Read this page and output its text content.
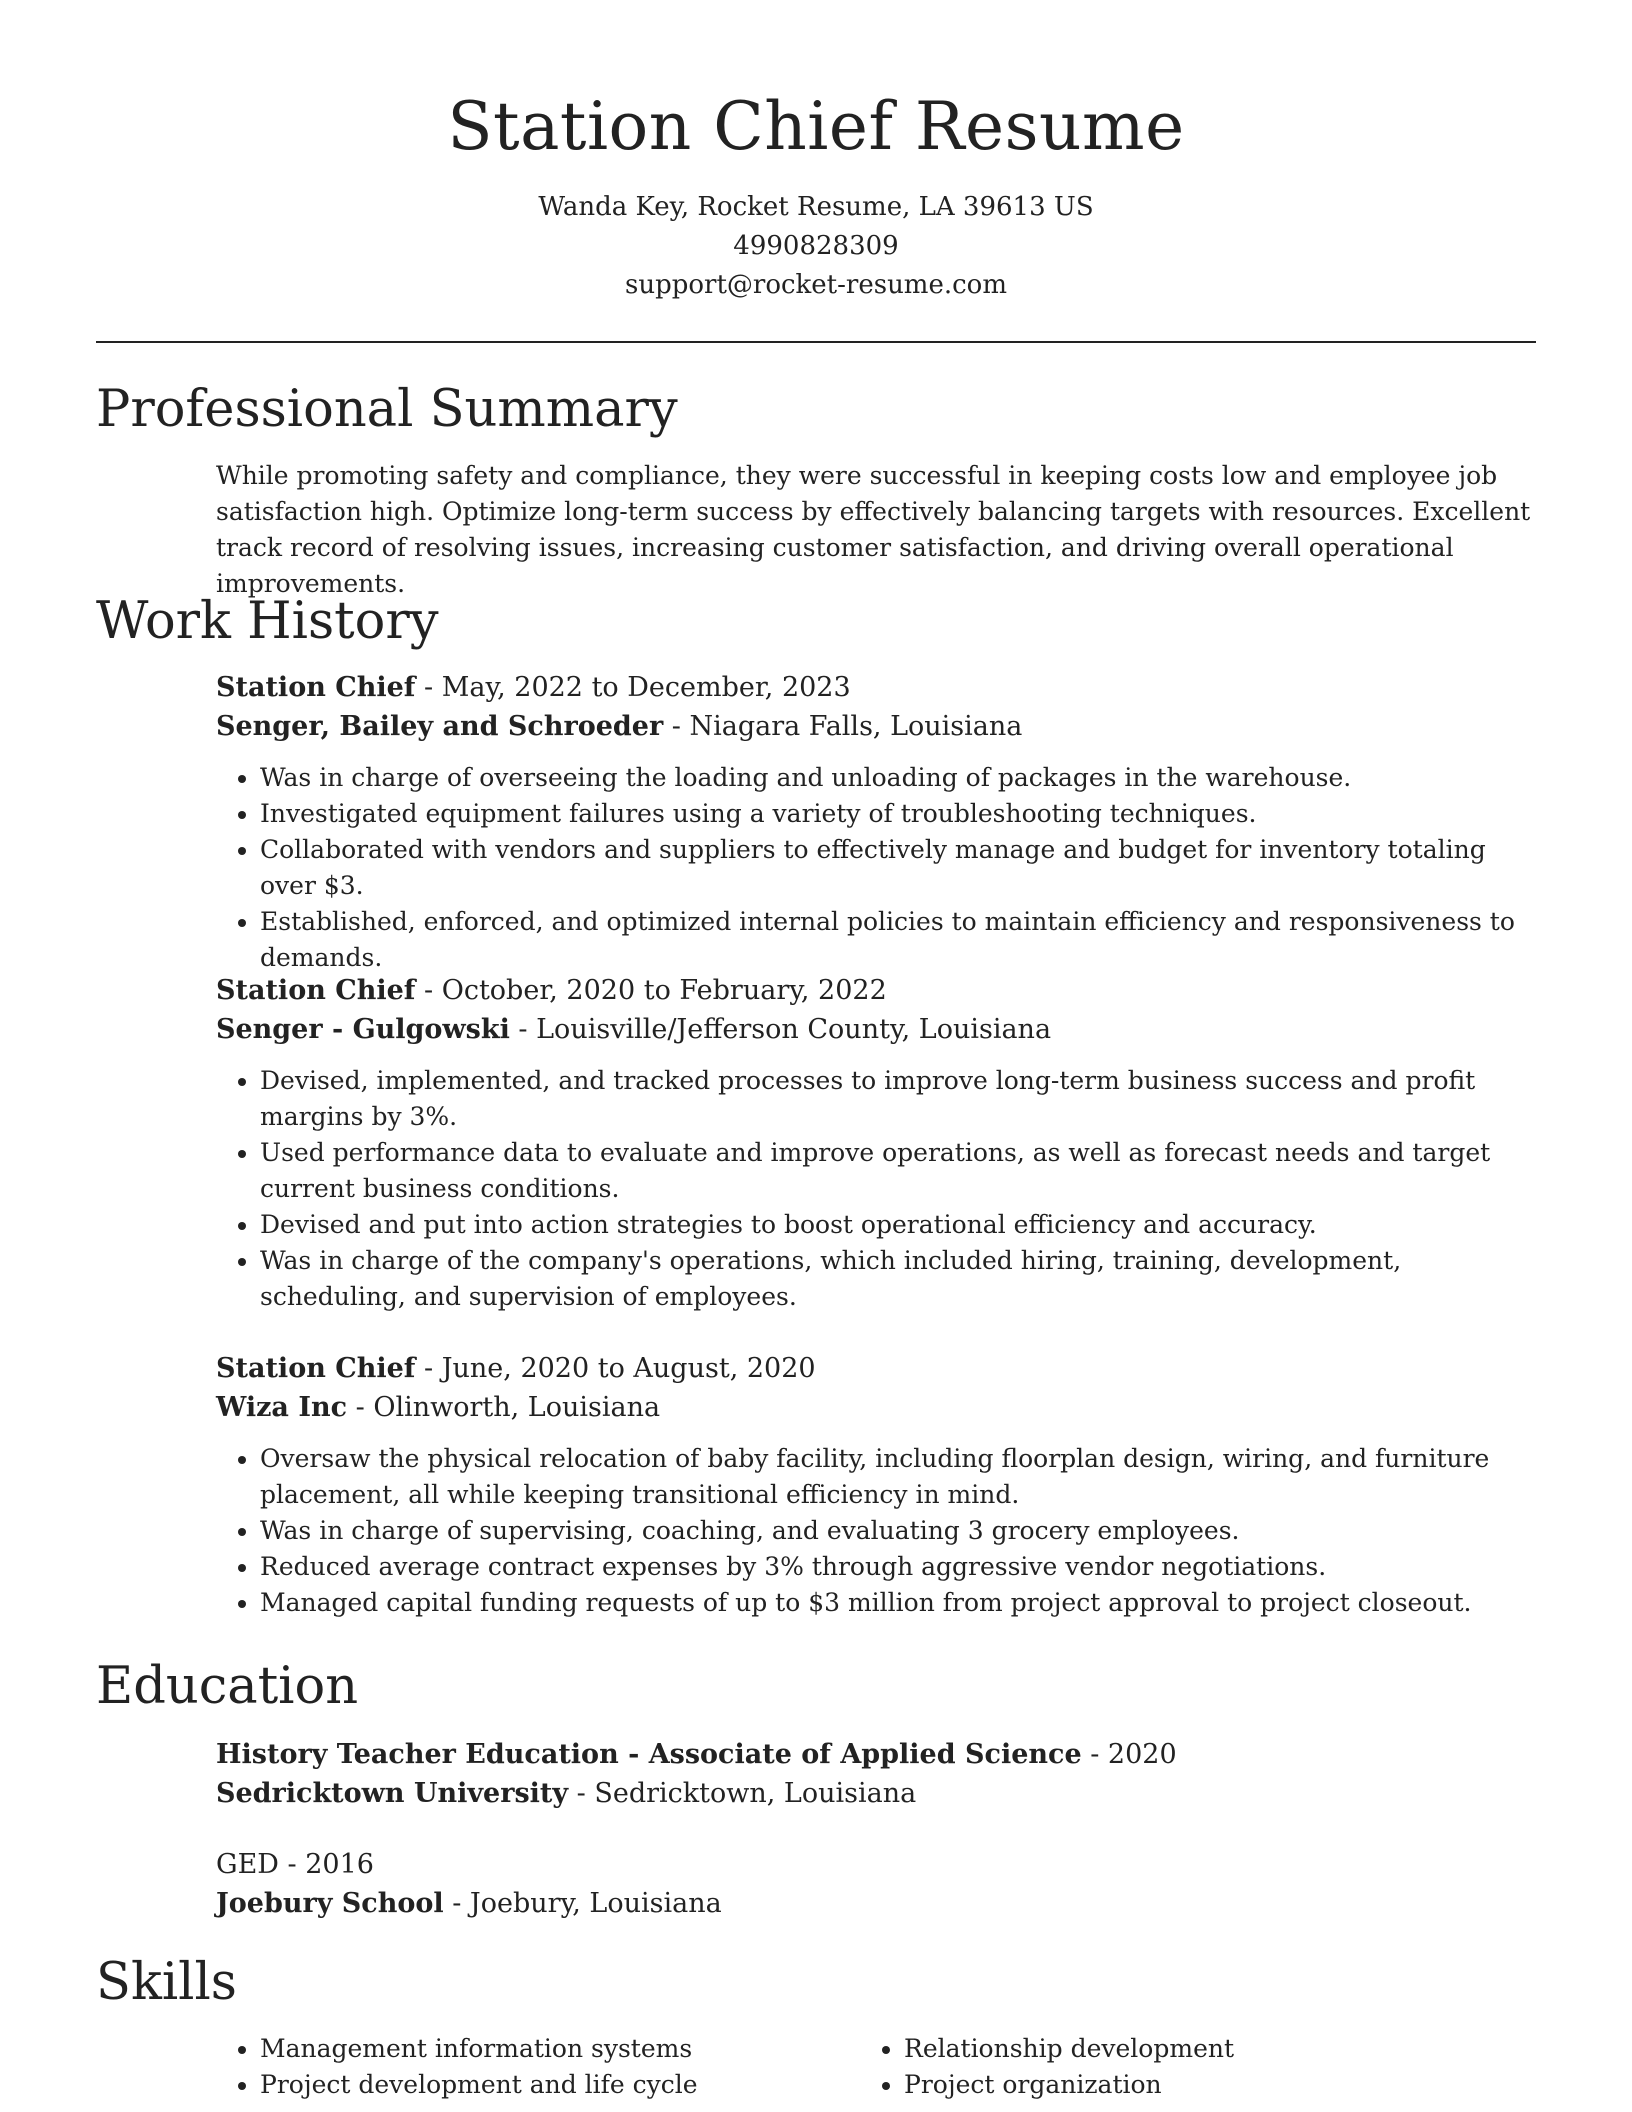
Station Chief Resume
Wanda Key, Rocket Resume, LA 39613 US
4990828309
support@rocket-resume.com
Professional Summary

While promoting safety and compliance, they were successful in keeping costs low and employee job satisfaction high. Optimize long-term success by effectively balancing targets with resources. Excellent track record of resolving issues, increasing customer satisfaction, and driving overall operational improvements.

Work History

Station Chief - May, 2022 to December, 2023

Senger, Bailey and Schroeder - Niagara Falls, Louisiana

• Was in charge of overseeing the loading and unloading of packages in the warehouse.
• Investigated equipment failures using a variety of troubleshooting techniques.
• Collaborated with vendors and suppliers to effectively manage and budget for inventory totaling over $3.
• Established, enforced, and optimized internal policies to maintain efficiency and responsiveness to demands.

Station Chief - October, 2020 to February, 2022

Senger - Gulgowski - Louisville/Jefferson County, Louisiana

• Devised, implemented, and tracked processes to improve long-term business success and profit margins by 3%.
• Used performance data to evaluate and improve operations, as well as forecast needs and target current business conditions.
• Devised and put into action strategies to boost operational efficiency and accuracy.
• Was in charge of the company's operations, which included hiring, training, development, scheduling, and supervision of employees.

Station Chief - June, 2020 to August, 2020

Wiza Inc - Olinworth, Louisiana

• Oversaw the physical relocation of baby facility, including floorplan design, wiring, and furniture placement, all while keeping transitional efficiency in mind.
• Was in charge of supervising, coaching, and evaluating 3 grocery employees.
• Reduced average contract expenses by 3% through aggressive vendor negotiations.
• Managed capital funding requests of up to $3 million from project approval to project closeout.
Education

History Teacher Education - Associate of Applied Science - 2020

Sedricktown University - Sedricktown, Louisiana

GED - 2016

Joebury School - Joebury, Louisiana

Skills
• Management information systems
• Project development and life cycle
• Relationship development
• Project organization
